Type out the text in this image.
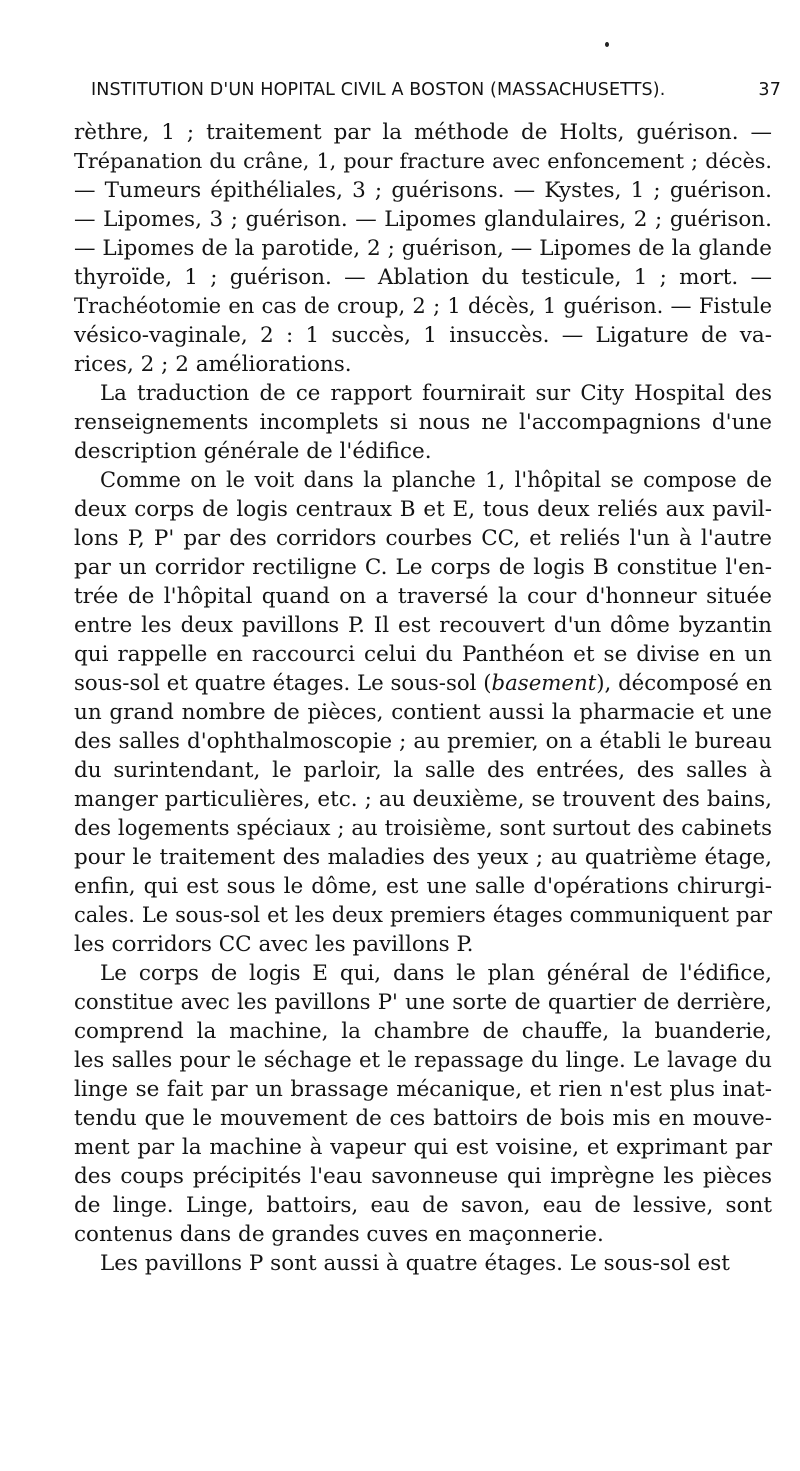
INSTITUTION D'UN HOPITAL CIVIL A BOSTON (MASSACHUSETTS).	37
rèthre, 1 ; traitement par la méthode de Holts, guérison. —
Trépanation du crâne, 1, pour fracture avec enfoncement ; décès.
— Tumeurs épithéliales, 3 ; guérisons. — Kystes, 1 ; guérison.
— Lipomes, 3 ; guérison. — Lipomes glandulaires, 2 ; guérison.
— Lipomes de la parotide, 2 ; guérison, — Lipomes de la glande
thyroïde, 1 ; guérison. — Ablation du testicule, 1 ; mort. —
Trachéotomie en cas de croup, 2 ; 1 décès, 1 guérison. — Fistule
vésico-vaginale, 2 : 1 succès, 1 insuccès. — Ligature de va-
rices, 2 ; 2 améliorations.
La traduction de ce rapport fournirait sur City Hospital des
renseignements incomplets si nous ne l'accompagnions d'une
description générale de l'édifice.
Comme on le voit dans la planche 1, l'hôpital se compose de
deux corps de logis centraux B et E, tous deux reliés aux pavil-
lons P, P' par des corridors courbes CC, et reliés l'un à l'autre
par un corridor rectiligne C. Le corps de logis B constitue l'en-
trée de l'hôpital quand on a traversé la cour d'honneur située
entre les deux pavillons P. Il est recouvert d'un dôme byzantin
qui rappelle en raccourci celui du Panthéon et se divise en un
sous-sol et quatre étages. Le sous-sol (basement), décomposé en
un grand nombre de pièces, contient aussi la pharmacie et une
des salles d'ophthalmoscopie ; au premier, on a établi le bureau
du surintendant, le parloir, la salle des entrées, des salles à
manger particulières, etc. ; au deuxième, se trouvent des bains,
des logements spéciaux ; au troisième, sont surtout des cabinets
pour le traitement des maladies des yeux ; au quatrième étage,
enfin, qui est sous le dôme, est une salle d'opérations chirurgi-
cales. Le sous-sol et les deux premiers étages communiquent par
les corridors CC avec les pavillons P.
Le corps de logis E qui, dans le plan général de l'édifice,
constitue avec les pavillons P' une sorte de quartier de derrière,
comprend la machine, la chambre de chauffe, la buanderie,
les salles pour le séchage et le repassage du linge. Le lavage du
linge se fait par un brassage mécanique, et rien n'est plus inat-
tendu que le mouvement de ces battoirs de bois mis en mouve-
ment par la machine à vapeur qui est voisine, et exprimant par
des coups précipités l'eau savonneuse qui imprègne les pièces
de linge. Linge, battoirs, eau de savon, eau de lessive, sont
contenus dans de grandes cuves en maçonnerie.
Les pavillons P sont aussi à quatre étages. Le sous-sol est
